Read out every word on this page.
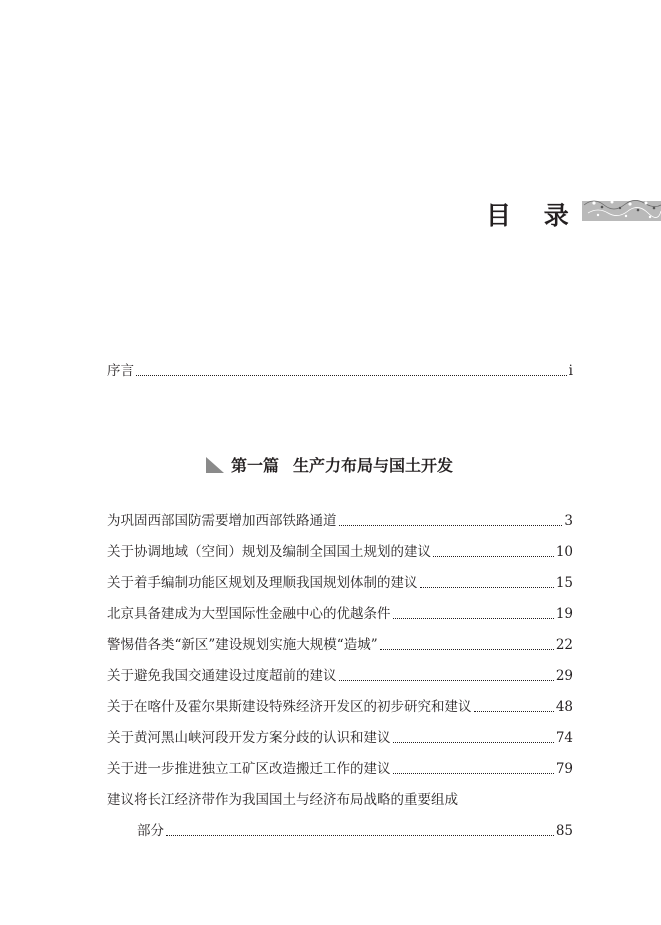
目 录
序言	i
第一篇 生产力布局与国土开发
为巩固西部国防需要增加西部铁路通道	3
关于协调地域（空间）规划及编制全国国土规划的建议	10
关于着手编制功能区规划及理顺我国规划体制的建议	15
北京具备建成为大型国际性金融中心的优越条件	19
警惕借各类“新区”建设规划实施大规模“造城”	22
关于避免我国交通建设过度超前的建议	29
关于在喀什及霍尔果斯建设特殊经济开发区的初步研究和建议	48
关于黄河黑山峡河段开发方案分歧的认识和建议	74
关于进一步推进独立工矿区改造搬迁工作的建议	79
建议将长江经济带作为我国国土与经济布局战略的重要组成
部分	85
